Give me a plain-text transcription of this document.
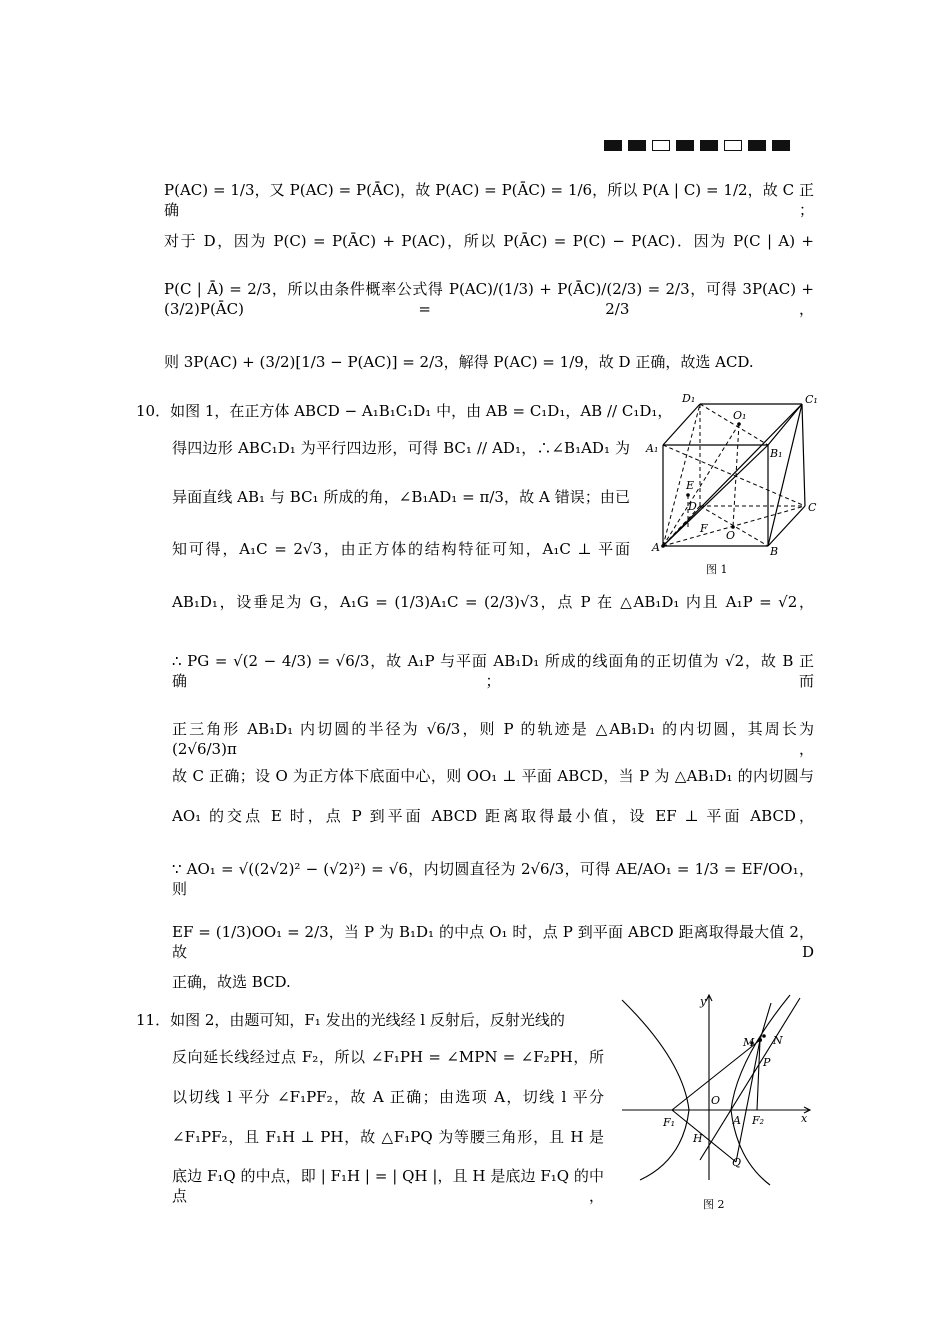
P(AC) = 1/3，又 P(AC) = P(ĀC)，故 P(AC) = P(ĀC) = 1/6，所以 P(A | C) = 1/2，故 C 正确；
对于 D，因为 P(C) = P(ĀC) + P(AC)，所以 P(ĀC) = P(C) − P(AC)．因为 P(C | A) +
P(C | Ā) = 2/3，所以由条件概率公式得 P(AC)/(1/3) + P(ĀC)/(2/3) = 2/3，可得 3P(AC) + (3/2)P(ĀC) = 2/3，
则 3P(AC) + (3/2)[1/3 − P(AC)] = 2/3，解得 P(AC) = 1/9，故 D 正确，故选 ACD.
10．如图 1，在正方体 ABCD − A₁B₁C₁D₁ 中，由 AB = C₁D₁，AB // C₁D₁，
得四边形 ABC₁D₁ 为平行四边形，可得 BC₁ // AD₁，∴∠B₁AD₁ 为
异面直线 AB₁ 与 BC₁ 所成的角，∠B₁AD₁ = π/3，故 A 错误；由已
知可得，A₁C = 2√3，由正方体的结构特征可知，A₁C ⊥ 平面
AB₁D₁，设垂足为 G，A₁G = (1/3)A₁C = (2/3)√3，点 P 在 △AB₁D₁ 内且 A₁P = √2，
∴ PG = √(2 − 4/3) = √6/3，故 A₁P 与平面 AB₁D₁ 所成的线面角的正切值为 √2，故 B 正确；而
正三角形 AB₁D₁ 内切圆的半径为 √6/3，则 P 的轨迹是 △AB₁D₁ 的内切圆，其周长为 (2√6/3)π，
故 C 正确；设 O 为正方体下底面中心，则 OO₁ ⊥ 平面 ABCD，当 P 为 △AB₁D₁ 的内切圆与
AO₁ 的交点 E 时，点 P 到平面 ABCD 距离取得最小值，设 EF ⊥ 平面 ABCD，
∵ AO₁ = √((2√2)² − (√2)²) = √6，内切圆直径为 2√6/3，可得 AE/AO₁ = 1/3 = EF/OO₁，则
EF = (1/3)OO₁ = 2/3，当 P 为 B₁D₁ 的中点 O₁ 时，点 P 到平面 ABCD 距离取得最大值 2，故 D
正确，故选 BCD.
11．如图 2，由题可知，F₁ 发出的光线经 l 反射后，反射光线的
反向延长线经过点 F₂，所以 ∠F₁PH = ∠MPN = ∠F₂PH，所
以切线 l 平分 ∠F₁PF₂，故 A 正确；由选项 A，切线 l 平分
∠F₁PF₂，且 F₁H ⊥ PH，故 △F₁PQ 为等腰三角形，且 H 是
底边 F₁Q 的中点，即 | F₁H | = | QH |，且 H 是底边 F₁Q 的中点，
D₁	C₁
O₁
A₁	B₁
E
D
F
C
O
A	B
图 1
y
M N
P
F₁
O
A F₂	x
H
Q
图 2
